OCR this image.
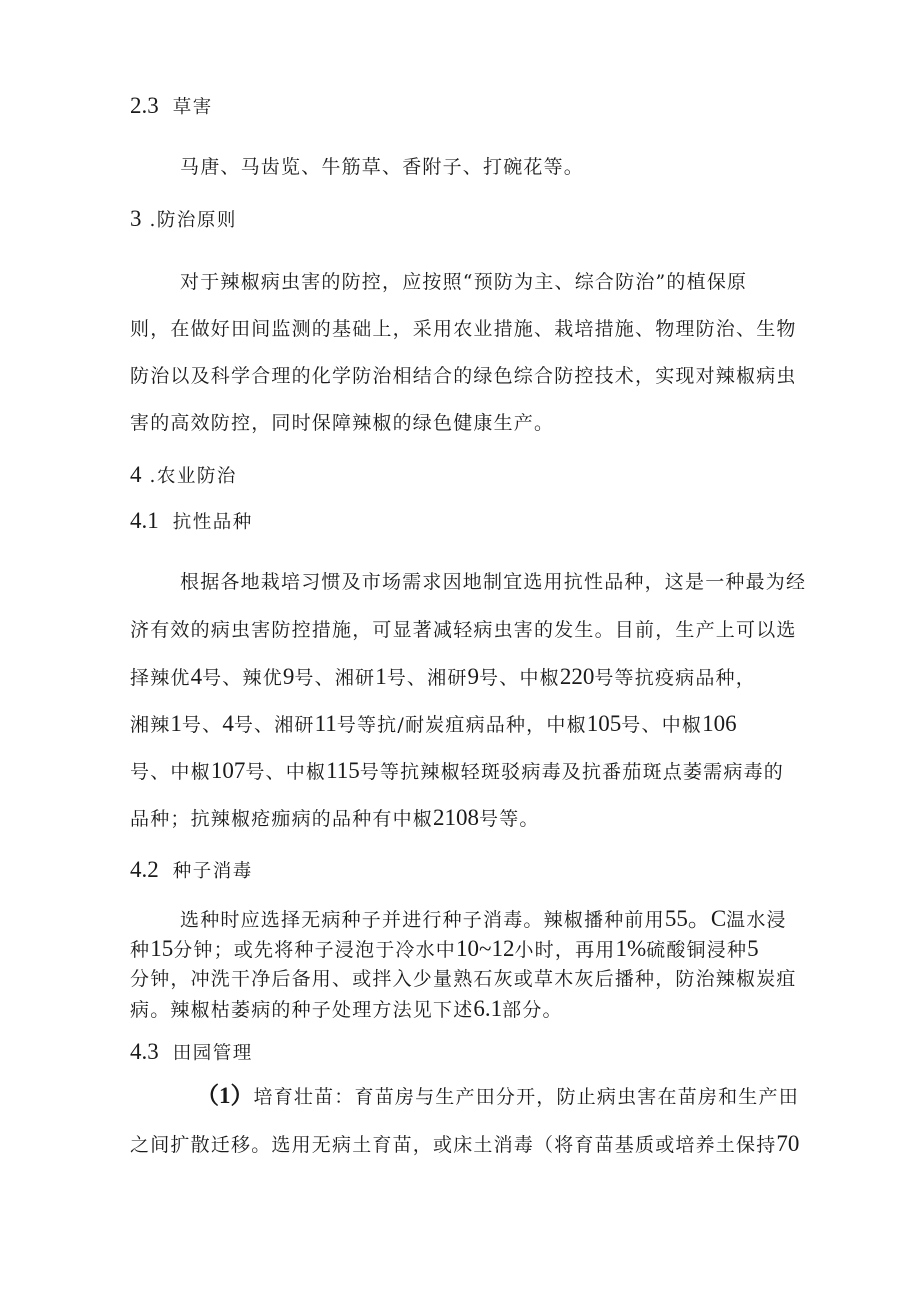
2.3 草害
马唐、马齿览、牛筋草、香附子、打碗花等。
3 .防治原则
对于辣椒病虫害的防控，应按照“预防为主、综合防治”的植保原
则，在做好田间监测的基础上，采用农业措施、栽培措施、物理防治、生物
防治以及科学合理的化学防治相结合的绿色综合防控技术，实现对辣椒病虫
害的高效防控，同时保障辣椒的绿色健康生产。
4 .农业防治
4.1 抗性品种
根据各地栽培习惯及市场需求因地制宜选用抗性品种，这是一种最为经
济有效的病虫害防控措施，可显著减轻病虫害的发生。目前，生产上可以选
择辣优4号、辣优9号、湘研1号、湘研9号、中椒220号等抗疫病品种，
湘辣1号、4号、湘研11号等抗/耐炭疽病品种，中椒105号、中椒106
号、中椒107号、中椒115号等抗辣椒轻斑驳病毒及抗番茄斑点萎需病毒的
品种；抗辣椒疮痂病的品种有中椒2108号等。
4.2 种子消毒
选种时应选择无病种子并进行种子消毒。辣椒播种前用55。C温水浸
种15分钟；或先将种子浸泡于冷水中10~12小时，再用1%硫酸铜浸种5
分钟，冲洗干净后备用、或拌入少量熟石灰或草木灰后播种，防治辣椒炭疽
病。辣椒枯萎病的种子处理方法见下述6.1部分。
4.3 田园管理
（1）培育壮苗：育苗房与生产田分开，防止病虫害在苗房和生产田
之间扩散迁移。选用无病土育苗，或床土消毒（将育苗基质或培养土保持70
